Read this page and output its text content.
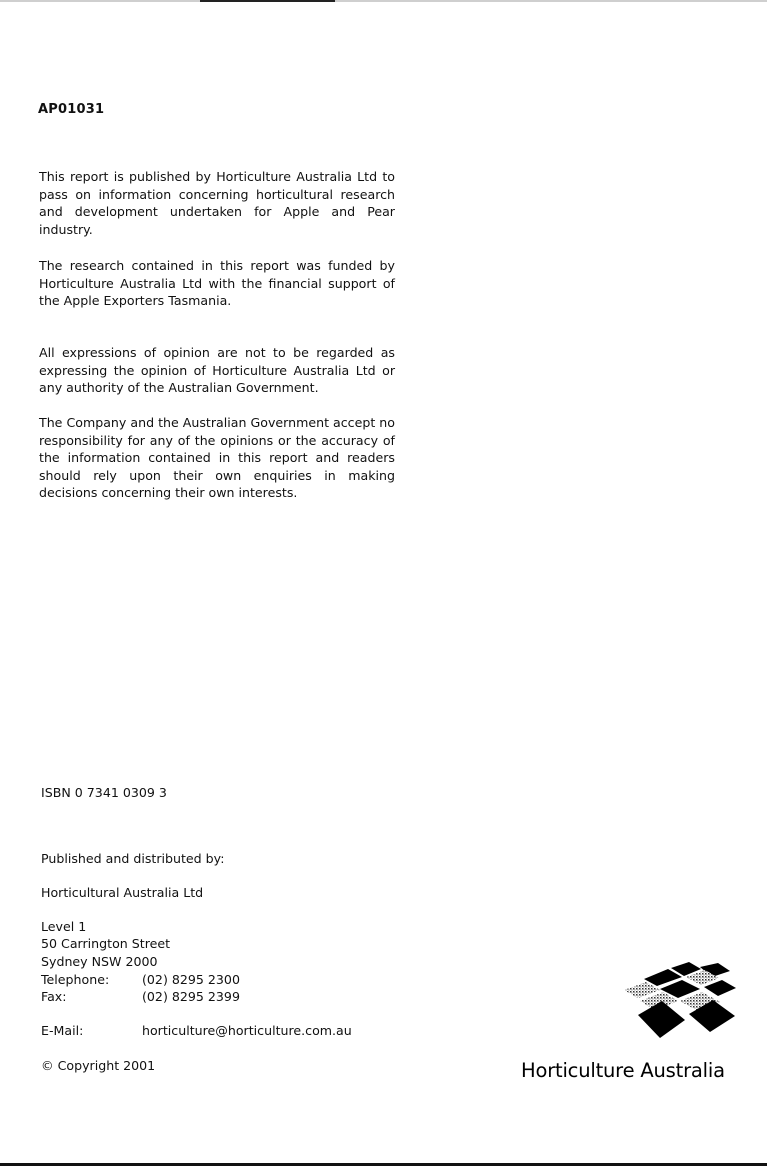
AP01031

This report is published by Horticulture Australia Ltd to pass on information concerning horticultural research and development undertaken for Apple and Pear industry.

The research contained in this report was funded by Horticulture Australia Ltd with the financial support of the Apple Exporters Tasmania.

All expressions of opinion are not to be regarded as expressing the opinion of Horticulture Australia Ltd or any authority of the Australian Government.

The Company and the Australian Government accept no responsibility for any of the opinions or the accuracy of the information contained in this report and readers should rely upon their own enquiries in making decisions concerning their own interests.

ISBN 0 7341 0309 3

Published and distributed by:

Horticultural Australia Ltd

Level 1
50 Carrington Street
Sydney NSW 2000

Telephone:	(02) 8295 2300
Fax:	(02) 8295 2399
E-Mail:	horticulture@horticulture.com.au
© Copyright 2001	Horticulture Australia
